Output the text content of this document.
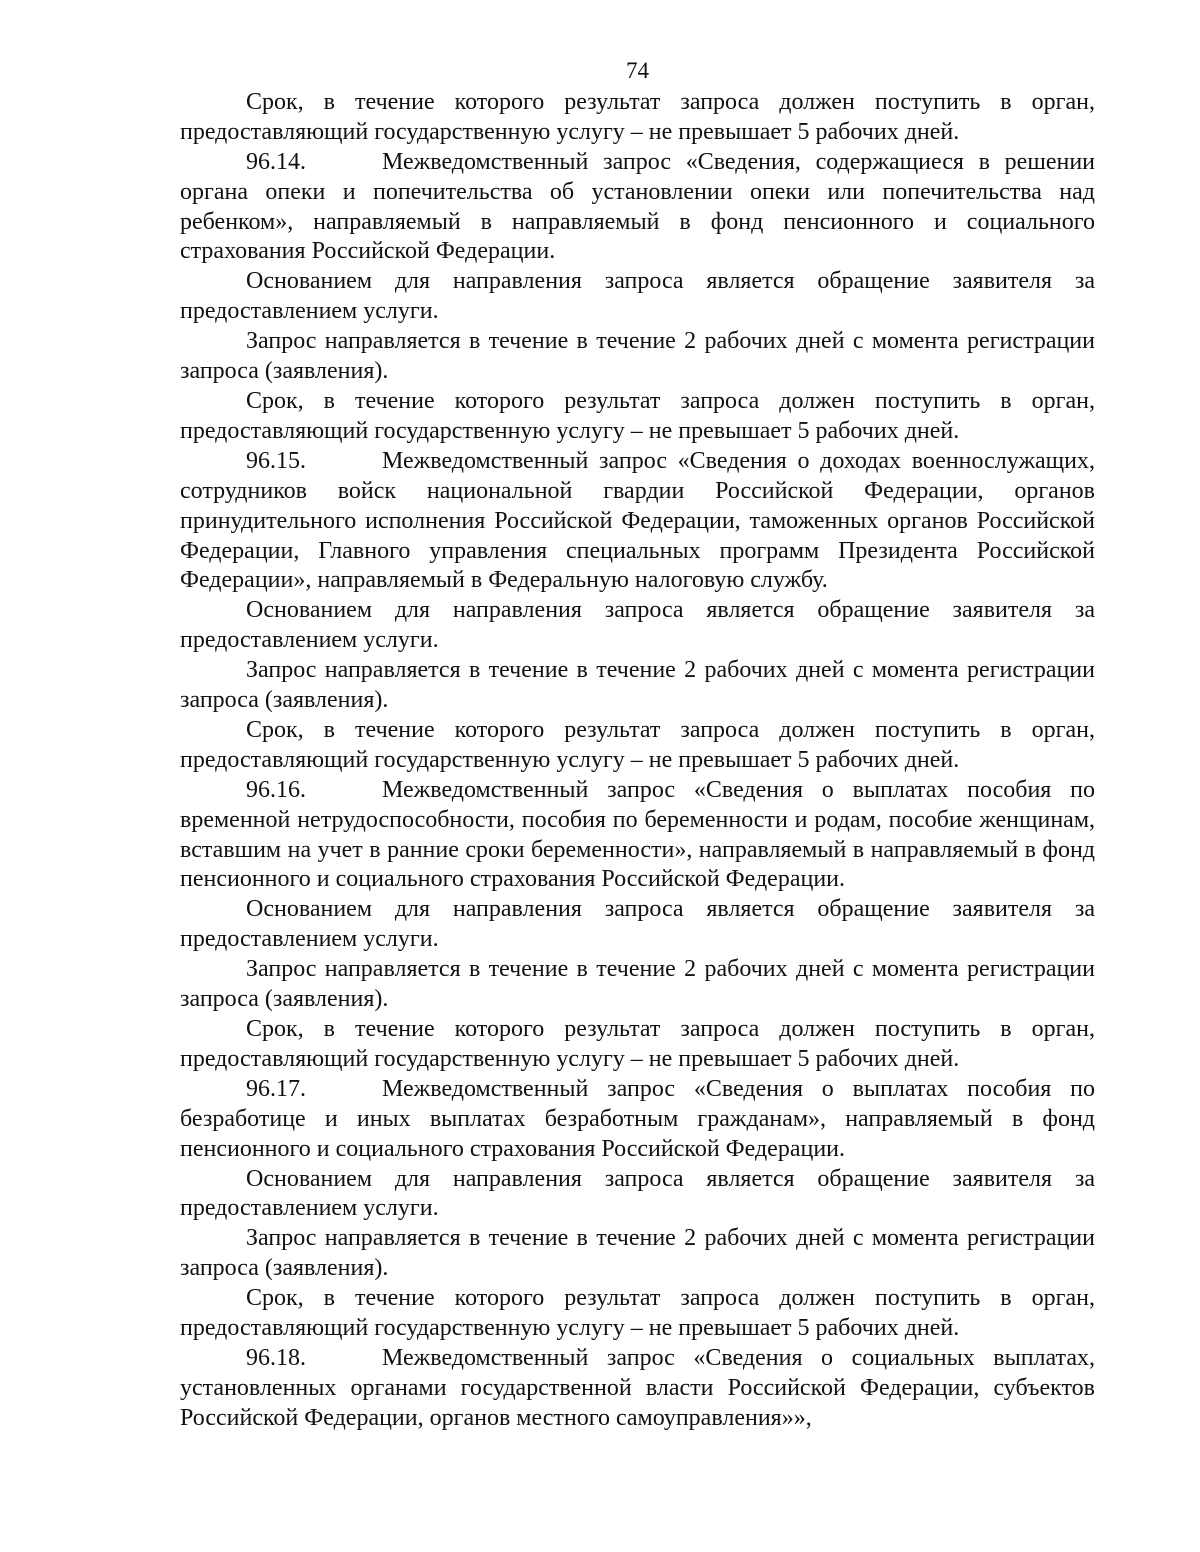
74

Срок, в течение которого результат запроса должен поступить в орган, предоставляющий государственную услугу – не превышает 5 рабочих дней.

96.14.	Межведомственный запрос «Сведения, содержащиеся в решении органа опеки и попечительства об установлении опеки или попечительства над ребенком», направляемый в направляемый в фонд пенсионного и социального страхования Российской Федерации.

Основанием для направления запроса является обращение заявителя за предоставлением услуги.

Запрос направляется в течение в течение 2 рабочих дней с момента регистрации запроса (заявления).

Срок, в течение которого результат запроса должен поступить в орган, предоставляющий государственную услугу – не превышает 5 рабочих дней.

96.15.	Межведомственный запрос «Сведения о доходах военнослужащих, сотрудников войск национальной гвардии Российской Федерации, органов принудительного исполнения Российской Федерации, таможенных органов Российской Федерации, Главного управления специальных программ Президента Российской Федерации», направляемый в Федеральную налоговую службу.

Основанием для направления запроса является обращение заявителя за предоставлением услуги.

Запрос направляется в течение в течение 2 рабочих дней с момента регистрации запроса (заявления).

Срок, в течение которого результат запроса должен поступить в орган, предоставляющий государственную услугу – не превышает 5 рабочих дней.

96.16.	Межведомственный запрос «Сведения о выплатах пособия по временной нетрудоспособности, пособия по беременности и родам, пособие женщинам, вставшим на учет в ранние сроки беременности», направляемый в направляемый в фонд пенсионного и социального страхования Российской Федерации.

Основанием для направления запроса является обращение заявителя за предоставлением услуги.

Запрос направляется в течение в течение 2 рабочих дней с момента регистрации запроса (заявления).

Срок, в течение которого результат запроса должен поступить в орган, предоставляющий государственную услугу – не превышает 5 рабочих дней.

96.17.	Межведомственный запрос «Сведения о выплатах пособия по безработице и иных выплатах безработным гражданам», направляемый в фонд пенсионного и социального страхования Российской Федерации.

Основанием для направления запроса является обращение заявителя за предоставлением услуги.

Запрос направляется в течение в течение 2 рабочих дней с момента регистрации запроса (заявления).

Срок, в течение которого результат запроса должен поступить в орган, предоставляющий государственную услугу – не превышает 5 рабочих дней.

96.18.	Межведомственный запрос «Сведения о социальных выплатах, установленных органами государственной власти Российской Федерации, субъектов Российской Федерации, органов местного самоуправления»»,
